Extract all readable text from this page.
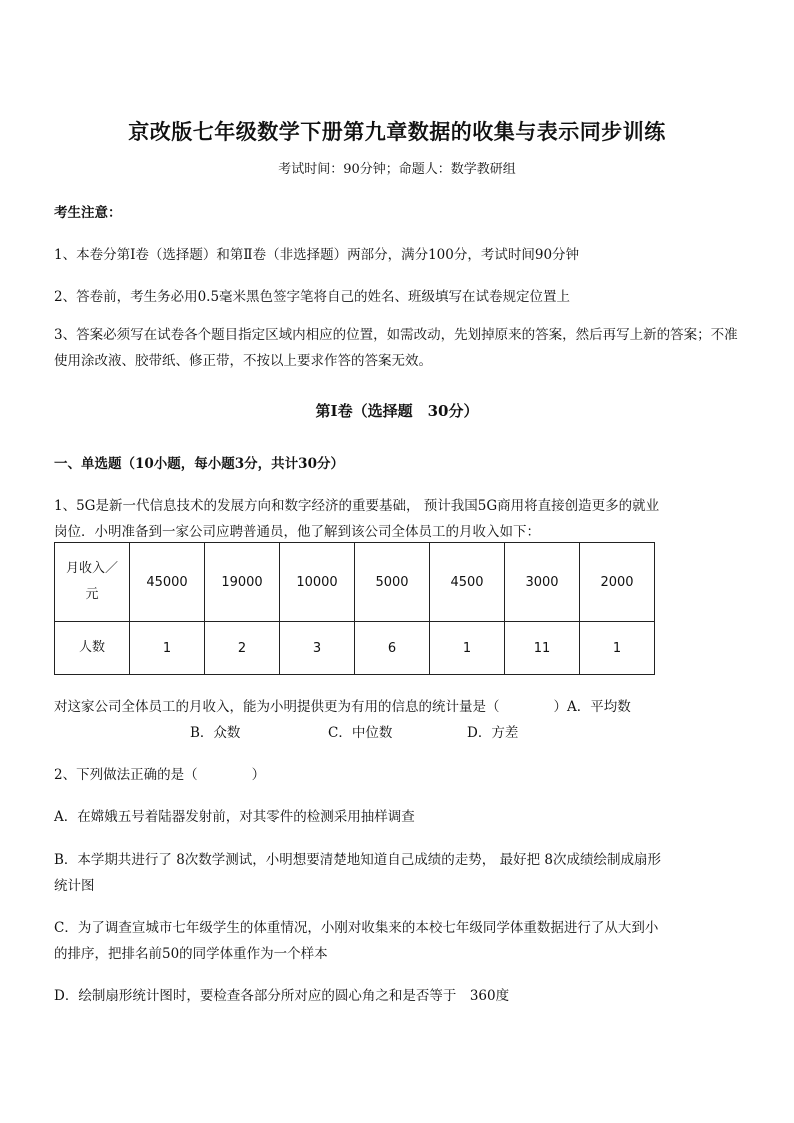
京改版七年级数学下册第九章数据的收集与表示同步训练
考试时间：90分钟；命题人：数学教研组
考生注意：
1、本卷分第Ⅰ卷（选择题）和第Ⅱ卷（非选择题）两部分，满分100分，考试时间90分钟
2、答卷前，考生务必用0.5毫米黑色签字笔将自己的姓名、班级填写在试卷规定位置上
3、答案必须写在试卷各个题目指定区域内相应的位置，如需改动，先划掉原来的答案，然后再写上新的答案；不准使用涂改液、胶带纸、修正带，不按以上要求作答的答案无效。
第Ⅰ卷（选择题　30分）
一、单选题（10小题，每小题3分，共计30分）
1、5G是新一代信息技术的发展方向和数字经济的重要基础， 预计我国5G商用将直接创造更多的就业
岗位．小明准备到一家公司应聘普通员，他了解到该公司全体员工的月收入如下：
月收入／
元	45000	19000	10000	5000	4500	3000	2000
人数	1	2	3	6	1	11	1
对这家公司全体员工的月收入，能为小明提供更为有用的信息的统计量是（　　　　）A．平均数
B．众数	C．中位数	D．方差
2、下列做法正确的是（　　　　）
A．在嫦娥五号着陆器发射前，对其零件的检测采用抽样调查
B．本学期共进行了 8次数学测试，小明想要清楚地知道自己成绩的走势， 最好把 8次成绩绘制成扇形
统计图
C．为了调查宣城市七年级学生的体重情况，小刚对收集来的本校七年级同学体重数据进行了从大到小
的排序，把排名前50的同学体重作为一个样本
D．绘制扇形统计图时，要检查各部分所对应的圆心角之和是否等于　360度
